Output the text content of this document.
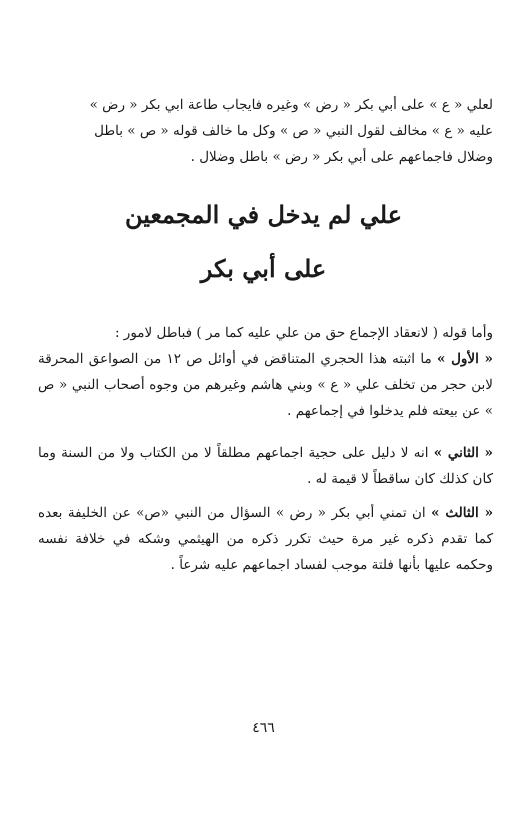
لعلي « ع » على أبي بكر « رض » وغيره فايجاب طاعة ابي بكر « رض »

عليه « ع » مخالف لقول النبي « ص » وكل ما خالف قوله « ص » باطل

وضلال فاجماعهم على أبي بكر « رض » باطل وضلال .

علي لم يدخل في المجمعين
على أبي بكر

وأما قوله ( لانعقاد الإجماع حق من علي عليه كما مر ) فباطل لامور :

« الأول » ما اثبته هذا الحجري المتناقض في أوائل ص ١٢ من الصواعق المحرقة لابن حجر من تخلف علي « ع » وبني هاشم وغيرهم من وجوه أصحاب النبي « ص » عن بيعته فلم يدخلوا في إجماعهم .

« الثاني » انه لا دليل على حجية اجماعهم مطلقاً لا من الكتاب ولا من السنة وما كان كذلك كان ساقطاً لا قيمة له .

« الثالث » ان تمني أبي بكر « رض » السؤال من النبي «ص» عن الخليفة بعده كما تقدم ذكره غير مرة حيث تكرر ذكره من الهيثمي وشكه في خلافة نفسه وحكمه عليها بأنها فلتة موجب لفساد اجماعهم عليه شرعاً .

٤٦٦
